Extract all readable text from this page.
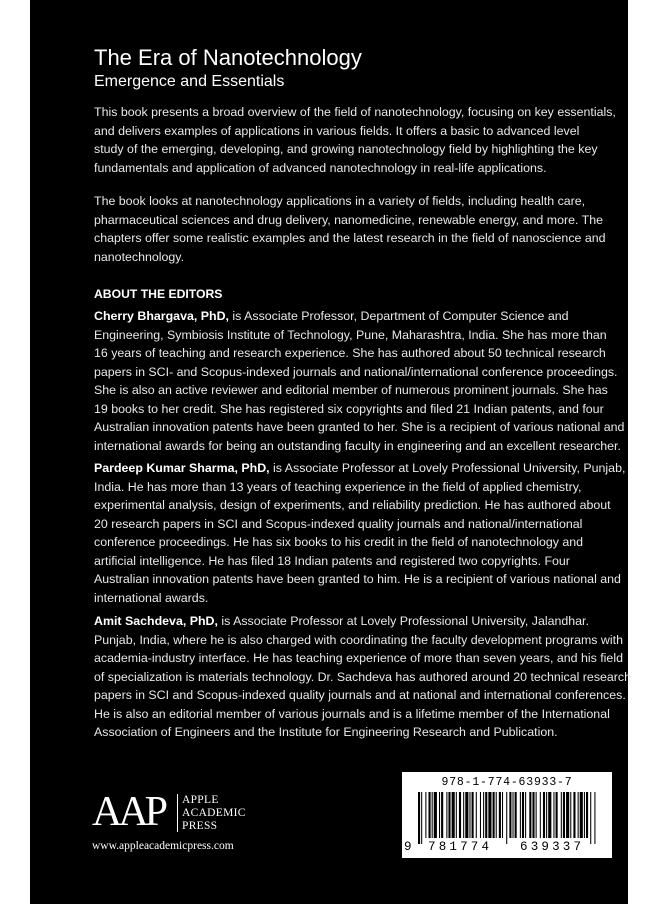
The Era of Nanotechnology
Emergence and Essentials
This book presents a broad overview of the field of nanotechnology, focusing on key essentials,
and delivers examples of applications in various fields. It offers a basic to advanced level
study of the emerging, developing, and growing nanotechnology field by highlighting the key
fundamentals and application of advanced nanotechnology in real-life applications.
The book looks at nanotechnology applications in a variety of fields, including health care,
pharmaceutical sciences and drug delivery, nanomedicine, renewable energy, and more. The
chapters offer some realistic examples and the latest research in the field of nanoscience and
nanotechnology.
ABOUT THE EDITORS
Cherry Bhargava, PhD, is Associate Professor, Department of Computer Science and
Engineering, Symbiosis Institute of Technology, Pune, Maharashtra, India. She has more than
16 years of teaching and research experience. She has authored about 50 technical research
papers in SCI- and Scopus-indexed journals and national/international conference proceedings.
She is also an active reviewer and editorial member of numerous prominent journals. She has
19 books to her credit. She has registered six copyrights and filed 21 Indian patents, and four
Australian innovation patents have been granted to her. She is a recipient of various national and
international awards for being an outstanding faculty in engineering and an excellent researcher.
Pardeep Kumar Sharma, PhD, is Associate Professor at Lovely Professional University, Punjab,
India. He has more than 13 years of teaching experience in the field of applied chemistry,
experimental analysis, design of experiments, and reliability prediction. He has authored about
20 research papers in SCI and Scopus-indexed quality journals and national/international
conference proceedings. He has six books to his credit in the field of nanotechnology and
artificial intelligence. He has filed 18 Indian patents and registered two copyrights. Four
Australian innovation patents have been granted to him. He is a recipient of various national and
international awards.
Amit Sachdeva, PhD, is Associate Professor at Lovely Professional University, Jalandhar.
Punjab, India, where he is also charged with coordinating the faculty development programs with
academia-industry interface. He has teaching experience of more than seven years, and his field
of specialization is materials technology. Dr. Sachdeva has authored around 20 technical research
papers in SCI and Scopus-indexed quality journals and at national and international conferences.
He is also an editorial member of various journals and is a lifetime member of the International
Association of Engineers and the Institute for Engineering Research and Publication.
AAP	APPLE
ACADEMIC
PRESS
www.appleacademicpress.com
978-1-774-63933-7
9 781774 639337
